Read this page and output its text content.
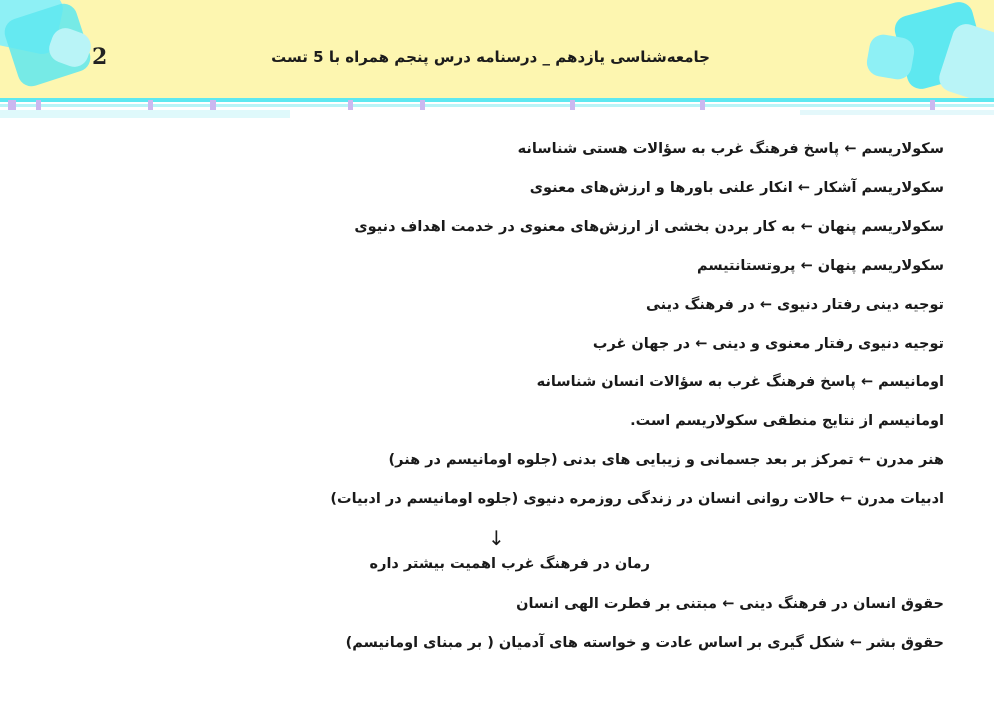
2	جامعه‌شناسی یازدهم _ درسنامه درس پنجم همراه با 5 تست
سکولاریسم ← پاسخ فرهنگ غرب به سؤالات هستی شناسانه
سکولاریسم آشکار ← انکار علنی باورها و ارزش‌های معنوی
سکولاریسم پنهان ← به کار بردن بخشی از ارزش‌های معنوی در خدمت اهداف دنیوی
سکولاریسم پنهان ← پروتستانتیسم
توجیه دینی رفتار دنیوی ← در فرهنگ دینی
توجیه دنیوی رفتار معنوی و دینی ← در جهان غرب
اومانیسم ← پاسخ فرهنگ غرب به سؤالات انسان شناسانه
اومانیسم از نتایج منطقی سکولاریسم است.
هنر مدرن ← تمرکز بر بعد جسمانی و زیبایی های بدنی (جلوه اومانیسم در هنر)
ادبیات مدرن ← حالات روانی انسان در زندگی روزمره دنیوی (جلوه اومانیسم در ادبیات)
↓
رمان در فرهنگ غرب اهمیت بیشتر داره
حقوق انسان در فرهنگ دینی ← مبتنی بر فطرت الهی انسان
حقوق بشر ← شکل گیری بر اساس عادت و خواسته های آدمیان ( بر مبنای اومانیسم)
